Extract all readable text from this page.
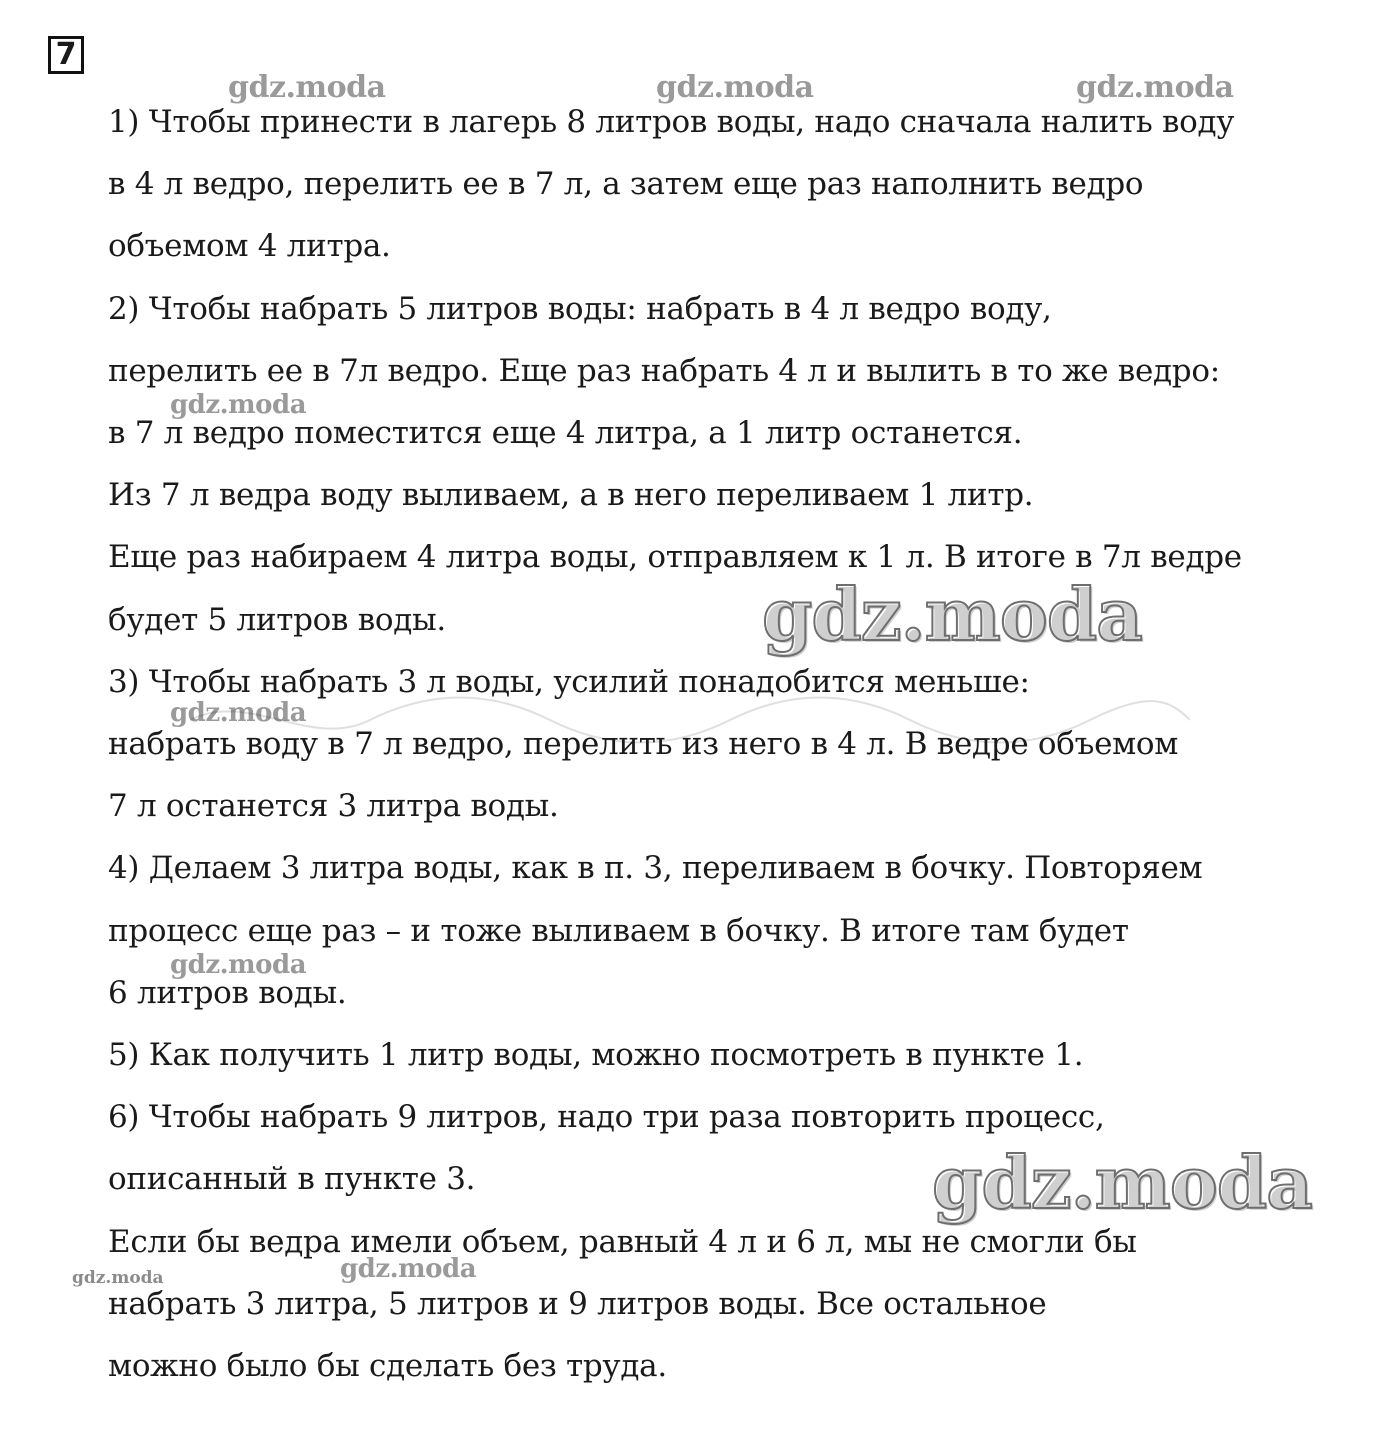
7
gdz.moda	gdz.moda	gdz.moda
gdz.moda
gdz.moda
gdz.moda
gdz.moda
gdz.moda
gdz.moda	gdz.moda
1) Чтобы принести в лагерь 8 литров воды, надо сначала налить воду
в 4 л ведро, перелить ее в 7 л, а затем еще раз наполнить ведро
объемом 4 литра.
2) Чтобы набрать 5 литров воды: набрать в 4 л ведро воду,
перелить ее в 7л ведро. Еще раз набрать 4 л и вылить в то же ведро:
в 7 л ведро поместится еще 4 литра, а 1 литр останется.
Из 7 л ведра воду выливаем, а в него переливаем 1 литр.
Еще раз набираем 4 литра воды, отправляем к 1 л. В итоге в 7л ведре
будет 5 литров воды.
3) Чтобы набрать 3 л воды, усилий понадобится меньше:
набрать воду в 7 л ведро, перелить из него в 4 л. В ведре объемом
7 л останется 3 литра воды.
4) Делаем 3 литра воды, как в п. 3, переливаем в бочку. Повторяем
процесс еще раз – и тоже выливаем в бочку. В итоге там будет
6 литров воды.
5) Как получить 1 литр воды, можно посмотреть в пункте 1.
6) Чтобы набрать 9 литров, надо три раза повторить процесс,
описанный в пункте 3.
Если бы ведра имели объем, равный 4 л и 6 л, мы не смогли бы
набрать 3 литра, 5 литров и 9 литров воды. Все остальное
можно было бы сделать без труда.
